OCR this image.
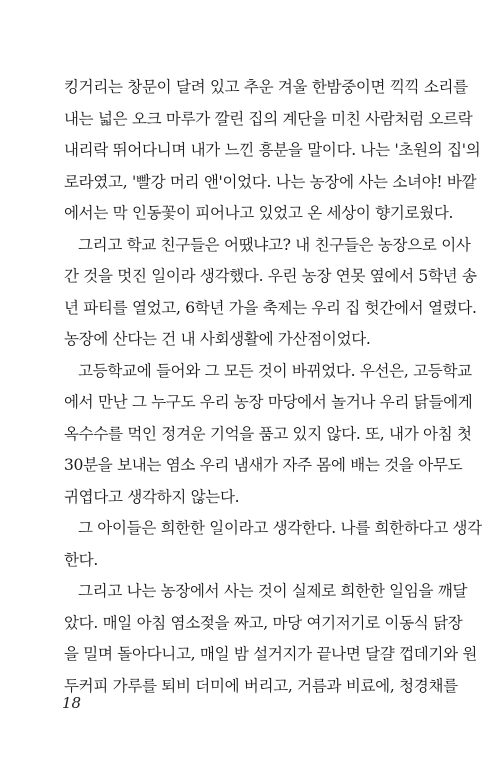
킹거리는 창문이 달려 있고 추운 겨울 한밤중이면 끽끽 소리를
내는 넓은 오크 마루가 깔린 집의 계단을 미친 사람처럼 오르락
내리락 뛰어다니며 내가 느낀 흥분을 말이다. 나는 '초원의 집'의
로라였고, '빨강 머리 앤'이었다. 나는 농장에 사는 소녀야! 바깥
에서는 막 인동꽃이 피어나고 있었고 온 세상이 향기로웠다.
그리고 학교 친구들은 어땠냐고? 내 친구들은 농장으로 이사
간 것을 멋진 일이라 생각했다. 우린 농장 연못 옆에서 5학년 송
년 파티를 열었고, 6학년 가을 축제는 우리 집 헛간에서 열렸다.
농장에 산다는 건 내 사회생활에 가산점이었다.
고등학교에 들어와 그 모든 것이 바뀌었다. 우선은, 고등학교
에서 만난 그 누구도 우리 농장 마당에서 놀거나 우리 닭들에게
옥수수를 먹인 정겨운 기억을 품고 있지 않다. 또, 내가 아침 첫
30분을 보내는 염소 우리 냄새가 자주 몸에 배는 것을 아무도
귀엽다고 생각하지 않는다.
그 아이들은 희한한 일이라고 생각한다. 나를 희한하다고 생각
한다.
그리고 나는 농장에서 사는 것이 실제로 희한한 일임을 깨달
았다. 매일 아침 염소젖을 짜고, 마당 여기저기로 이동식 닭장
을 밀며 돌아다니고, 매일 밤 설거지가 끝나면 달걀 껍데기와 원
두커피 가루를 퇴비 더미에 버리고, 거름과 비료에, 청경채를
18
